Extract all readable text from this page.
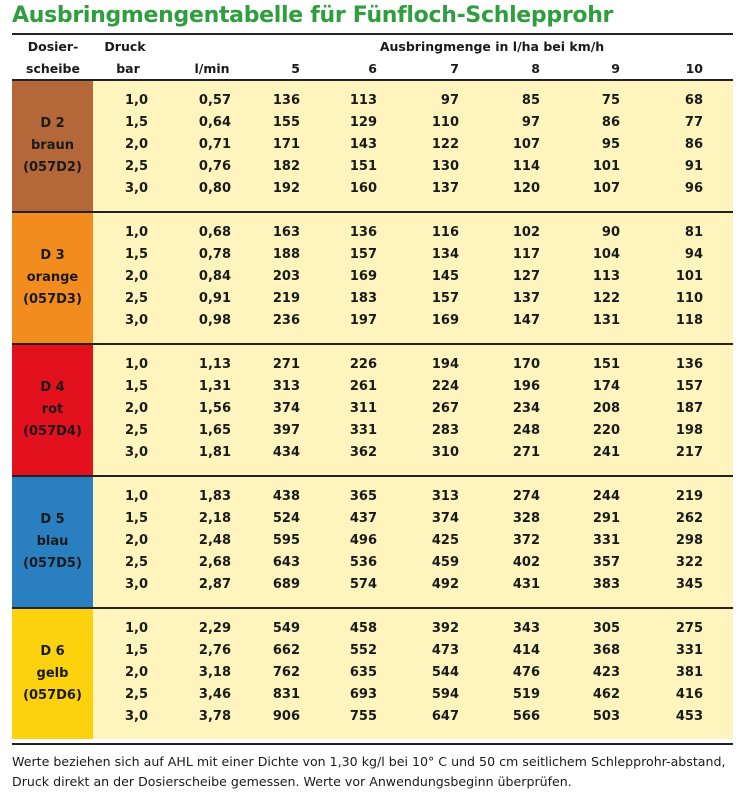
Ausbringmengentabelle für Fünfloch-Schlepprohr
Dosier-
scheibe
Druck
bar	l/min
Ausbringmenge in l/ha bei km/h
5	6	7	8	9	10
D 2
braun
(057D2)
1,0	0,57	136	113	97	85	75	68
1,5	0,64	155	129	110	97	86	77
2,0	0,71	171	143	122	107	95	86
2,5	0,76	182	151	130	114	101	91
3,0	0,80	192	160	137	120	107	96
D 3
orange
(057D3)
1,0	0,68	163	136	116	102	90	81
1,5	0,78	188	157	134	117	104	94
2,0	0,84	203	169	145	127	113	101
2,5	0,91	219	183	157	137	122	110
3,0	0,98	236	197	169	147	131	118
D 4
rot
(057D4)
1,0	1,13	271	226	194	170	151	136
1,5	1,31	313	261	224	196	174	157
2,0	1,56	374	311	267	234	208	187
2,5	1,65	397	331	283	248	220	198
3,0	1,81	434	362	310	271	241	217
D 5
blau
(057D5)
1,0	1,83	438	365	313	274	244	219
1,5	2,18	524	437	374	328	291	262
2,0	2,48	595	496	425	372	331	298
2,5	2,68	643	536	459	402	357	322
3,0	2,87	689	574	492	431	383	345
D 6
gelb
(057D6)
1,0	2,29	549	458	392	343	305	275
1,5	2,76	662	552	473	414	368	331
2,0	3,18	762	635	544	476	423	381
2,5	3,46	831	693	594	519	462	416
3,0	3,78	906	755	647	566	503	453
Werte beziehen sich auf AHL mit einer Dichte von 1,30 kg/l bei 10° C und 50 cm seitlichem Schlepprohr-abstand, Druck direkt an der Dosierscheibe gemessen. Werte vor Anwendungsbeginn überprüfen.
